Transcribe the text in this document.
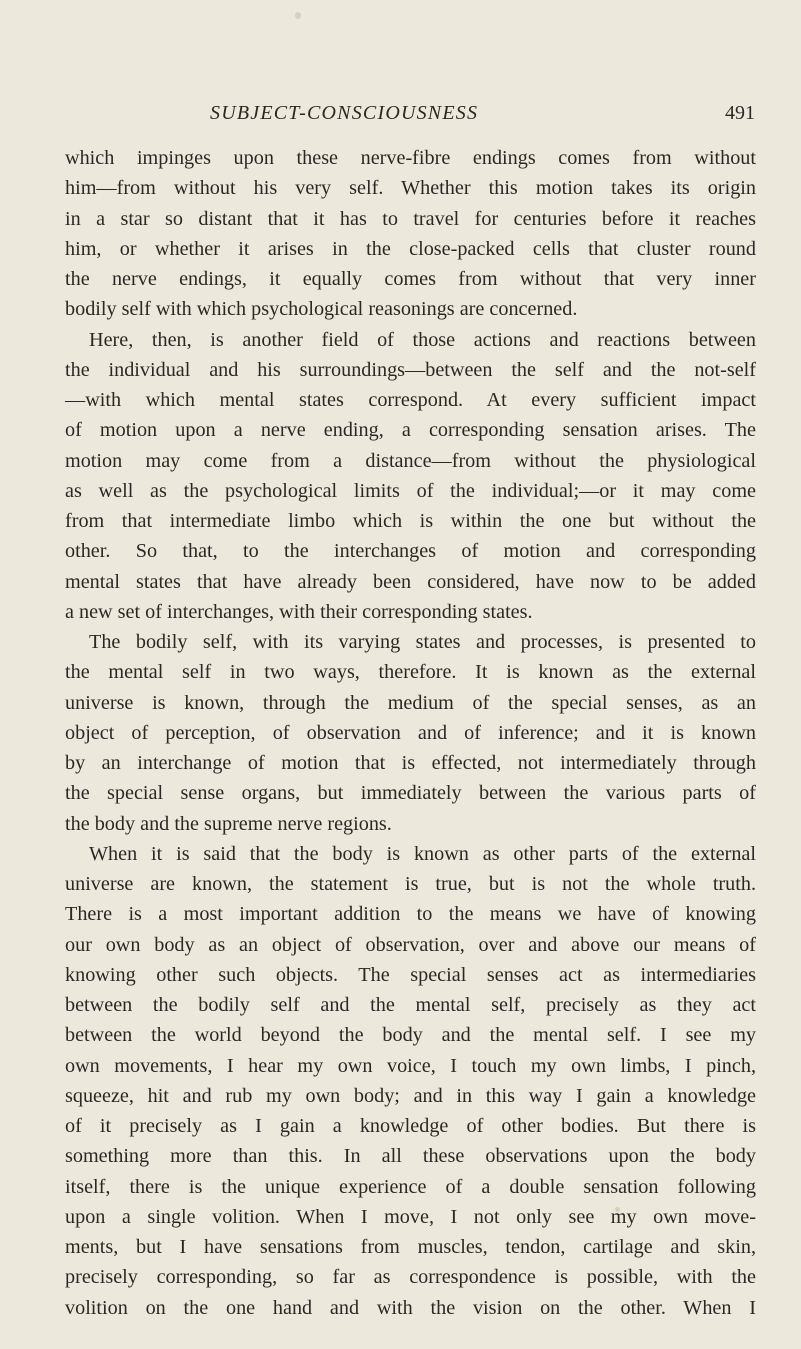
SUBJECT-CONSCIOUSNESS	491
which impinges upon these nerve-fibre endings comes from without
him—from without his very self. Whether this motion takes its origin
in a star so distant that it has to travel for centuries before it reaches
him, or whether it arises in the close-packed cells that cluster round
the nerve endings, it equally comes from without that very inner
bodily self with which psychological reasonings are concerned.
Here, then, is another field of those actions and reactions between
the individual and his surroundings—between the self and the not-self
—with which mental states correspond. At every sufficient impact
of motion upon a nerve ending, a corresponding sensation arises. The
motion may come from a distance—from without the physiological
as well as the psychological limits of the individual;—or it may come
from that intermediate limbo which is within the one but without the
other. So that, to the interchanges of motion and corresponding
mental states that have already been considered, have now to be added
a new set of interchanges, with their corresponding states.
The bodily self, with its varying states and processes, is presented to
the mental self in two ways, therefore. It is known as the external
universe is known, through the medium of the special senses, as an
object of perception, of observation and of inference; and it is known
by an interchange of motion that is effected, not intermediately through
the special sense organs, but immediately between the various parts of
the body and the supreme nerve regions.
When it is said that the body is known as other parts of the external
universe are known, the statement is true, but is not the whole truth.
There is a most important addition to the means we have of knowing
our own body as an object of observation, over and above our means of
knowing other such objects. The special senses act as intermediaries
between the bodily self and the mental self, precisely as they act
between the world beyond the body and the mental self. I see my
own movements, I hear my own voice, I touch my own limbs, I pinch,
squeeze, hit and rub my own body; and in this way I gain a knowledge
of it precisely as I gain a knowledge of other bodies. But there is
something more than this. In all these observations upon the body
itself, there is the unique experience of a double sensation following
upon a single volition. When I move, I not only see my own move-
ments, but I have sensations from muscles, tendon, cartilage and skin,
precisely corresponding, so far as correspondence is possible, with the
volition on the one hand and with the vision on the other. When I
